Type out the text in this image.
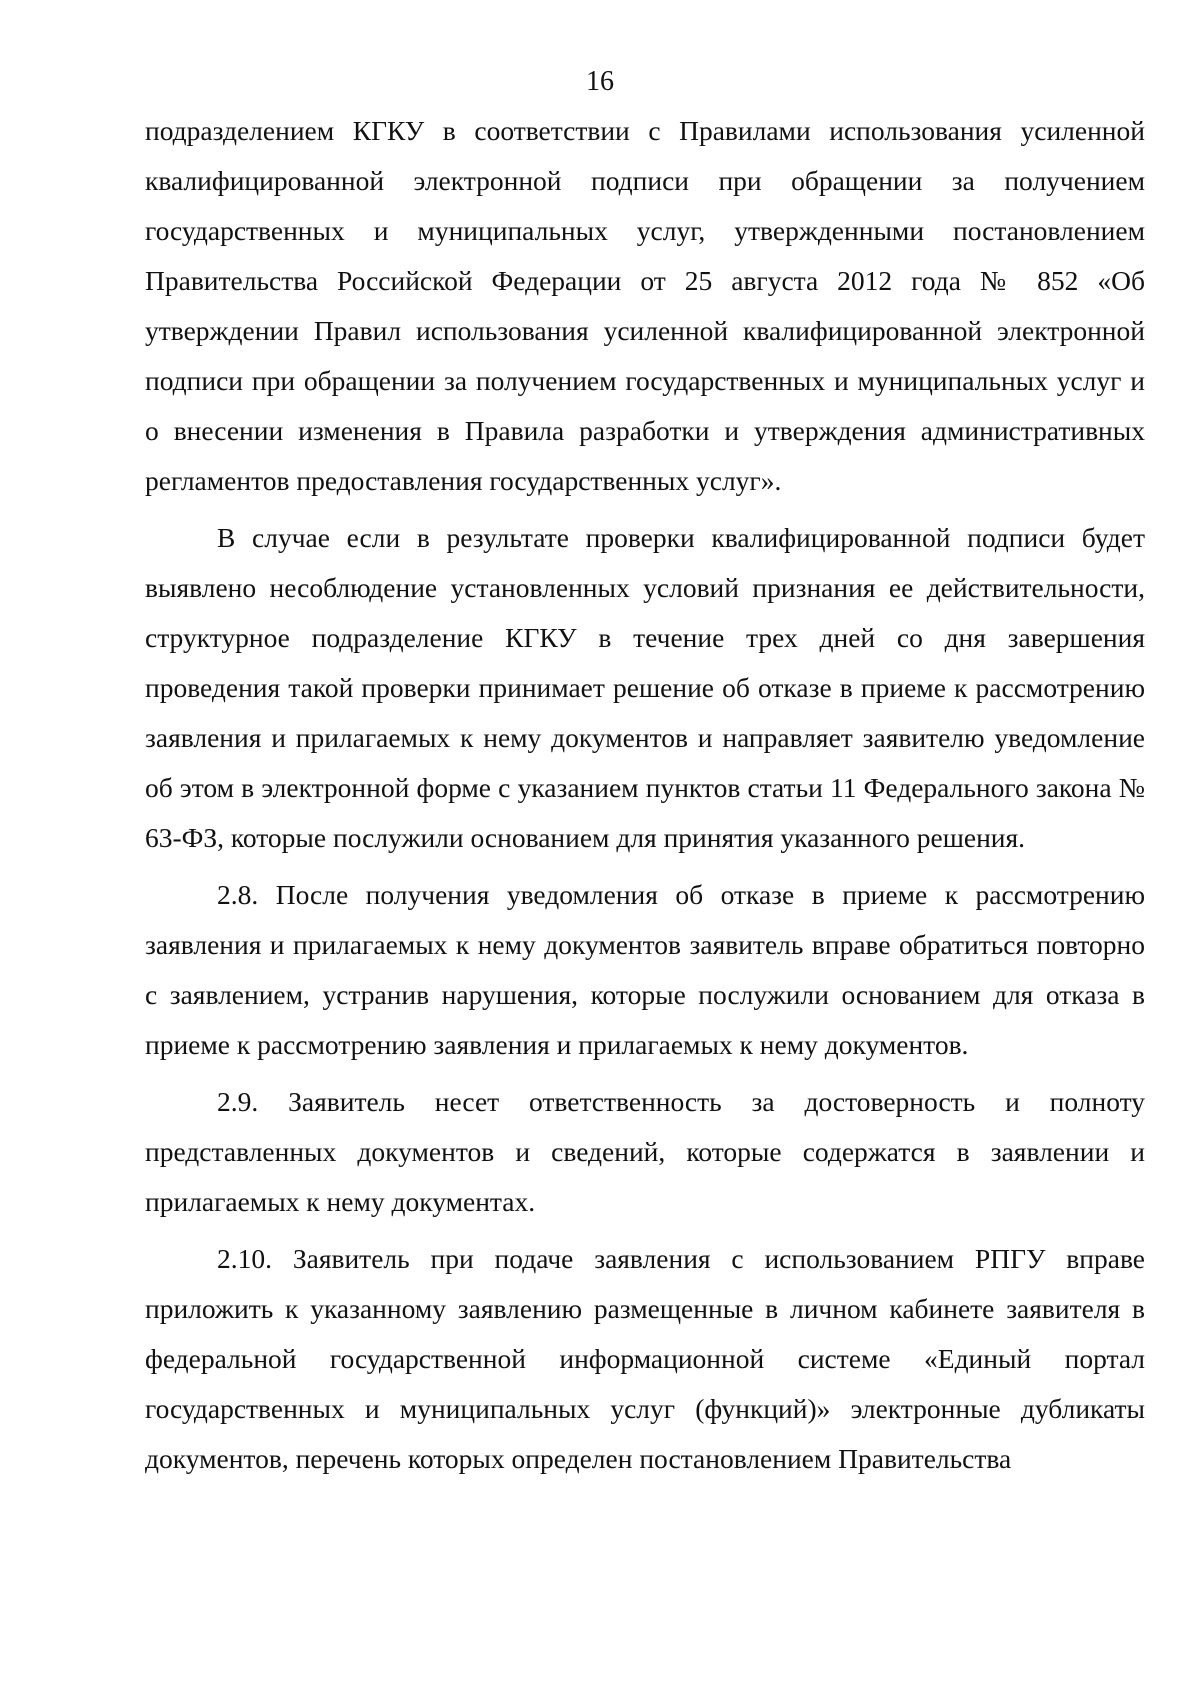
16

подразделением КГКУ в соответствии с Правилами использования усиленной квалифицированной электронной подписи при обращении за получением государственных и муниципальных услуг, утвержденными постановлением Правительства Российской Федерации от 25 августа 2012 года № 852 «Об утверждении Правил использования усиленной квалифицированной электронной подписи при обращении за получением государственных и муниципальных услуг и о внесении изменения в Правила разработки и утверждения административных регламентов предоставления государственных услуг».

В случае если в результате проверки квалифицированной подписи будет выявлено несоблюдение установленных условий признания ее действительности, структурное подразделение КГКУ в течение трех дней со дня завершения проведения такой проверки принимает решение об отказе в приеме к рассмотрению заявления и прилагаемых к нему документов и направляет заявителю уведомление об этом в электронной форме с указанием пунктов статьи 11 Федерального закона № 63-ФЗ, которые послужили основанием для принятия указанного решения.

2.8. После получения уведомления об отказе в приеме к рассмотрению заявления и прилагаемых к нему документов заявитель вправе обратиться повторно с заявлением, устранив нарушения, которые послужили основанием для отказа в приеме к рассмотрению заявления и прилагаемых к нему документов.

2.9. Заявитель несет ответственность за достоверность и полноту представленных документов и сведений, которые содержатся в заявлении и прилагаемых к нему документах.

2.10. Заявитель при подаче заявления с использованием РПГУ вправе приложить к указанному заявлению размещенные в личном кабинете заявителя в федеральной государственной информационной системе «Единый портал государственных и муниципальных услуг (функций)» электронные дубликаты документов, перечень которых определен постановлением Правительства
